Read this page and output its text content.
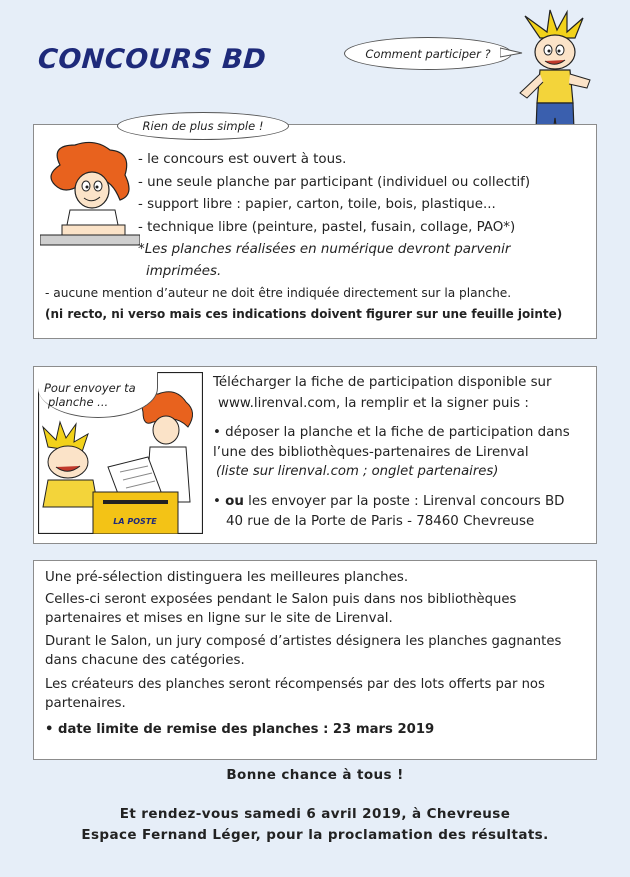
CONCOURS BD	Comment participer ?
Rien de plus simple !
- le concours est ouvert à tous.
- une seule planche par participant (individuel ou collectif)
- support libre : papier, carton, toile, bois, plastique...
- technique libre (peinture, pastel, fusain, collage, PAO*)
*Les planches réalisées en numérique devront parvenir
imprimées.
- aucune mention d’auteur ne doit être indiquée directement sur la planche.
(ni recto, ni verso mais ces indications doivent figurer sur une feuille jointe)
LA POSTE
Pour envoyer ta
planche ...
Télécharger la fiche de participation disponible sur
www.lirenval.com, la remplir et la signer puis :
• déposer la planche et la fiche de participation dans
l’une des bibliothèques-partenaires de Lirenval
(liste sur lirenval.com ; onglet partenaires)
• ou les envoyer par la poste : Lirenval concours BD
40 rue de la Porte de Paris - 78460 Chevreuse
Une pré-sélection distinguera les meilleures planches.
Celles-ci seront exposées pendant le Salon puis dans nos bibliothèques
partenaires et mises en ligne sur le site de Lirenval.
Durant le Salon, un jury composé d’artistes désignera les planches gagnantes
dans chacune des catégories.
Les créateurs des planches seront récompensés par des lots offerts par nos
partenaires.
• date limite de remise des planches : 23 mars 2019
Bonne chance à tous !
Et rendez-vous samedi 6 avril 2019, à Chevreuse
Espace Fernand Léger, pour la proclamation des résultats.
